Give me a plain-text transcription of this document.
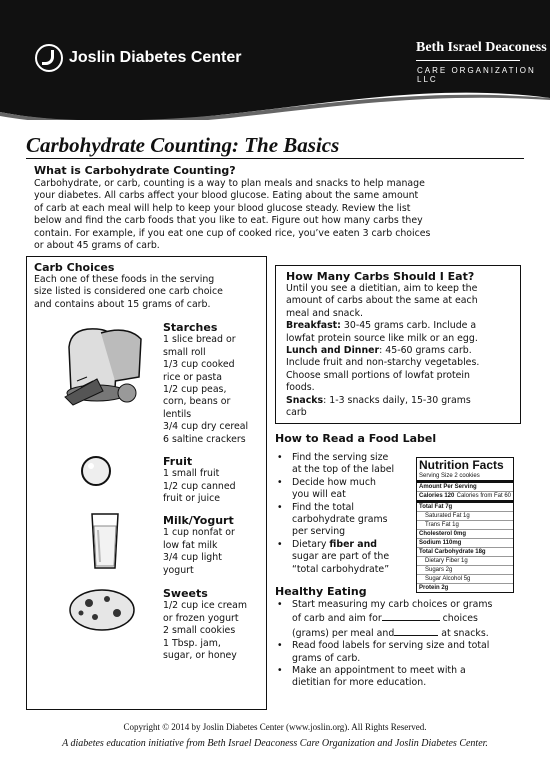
Joslin Diabetes Center
Beth Israel Deaconess
CARE ORGANIZATION LLC
Carbohydrate Counting: The Basics
What is Carbohydrate Counting?
Carbohydrate, or carb, counting is a way to plan meals and snacks to help manage
your diabetes. All carbs affect your blood glucose. Eating about the same amount
of carb at each meal will help to keep your blood glucose steady. Review the list
below and find the carb foods that you like to eat. Figure out how many carbs they
contain. For example, if you eat one cup of cooked rice, you’ve eaten 3 carb choices
or about 45 grams of carb.
Carb Choices
Each one of these foods in the serving
size listed is considered one carb choice
and contains about 15 grams of carb.
Starches
1 slice bread or
small roll
1/3 cup cooked
rice or pasta
1/2 cup peas,
corn, beans or
lentils
3/4 cup dry cereal
6 saltine crackers
Fruit
1 small fruit
1/2 cup canned
fruit or juice
Milk/Yogurt
1 cup nonfat or
low fat milk
3/4 cup light
yogurt
Sweets
1/2 cup ice cream
or frozen yogurt
2 small cookies
1 Tbsp. jam,
sugar, or honey
How Many Carbs Should I Eat?
Until you see a dietitian, aim to keep the
amount of carbs about the same at each
meal and snack.
Breakfast: 30-45 grams carb. Include a
lowfat protein source like milk or an egg.
Lunch and Dinner: 45-60 grams carb.
Include fruit and non-starchy vegetables.
Choose small portions of lowfat protein
foods.
Snacks: 1-3 snacks daily, 15-30 grams
carb
How to Read a Food Label
• Find the serving size
at the top of the label
• Decide how much
you will eat
• Find the total
carbohydrate grams
per serving
• Dietary fiber and
sugar are part of the
“total carbohydrate”
Nutrition Facts
Serving Size 2 cookies
Amount Per Serving
Calories 120 Calories from Fat 60
Total Fat 7g
Saturated Fat 1g
Trans Fat 1g
Cholesterol 0mg
Sodium 110mg
Total Carbohydrate 18g
Dietary Fiber 1g
Sugars 2g
Sugar Alcohol 5g
Protein 2g
Healthy Eating
• Start measuring my carb choices or grams
of carb and aim for	choices
(grams) per meal and	at snacks.
• Read food labels for serving size and total
grams of carb.
• Make an appointment to meet with a
dietitian for more education.
Copyright © 2014 by Joslin Diabetes Center (www.joslin.org). All Rights Reserved.
A diabetes education initiative from Beth Israel Deaconess Care Organization and Joslin Diabetes Center.
